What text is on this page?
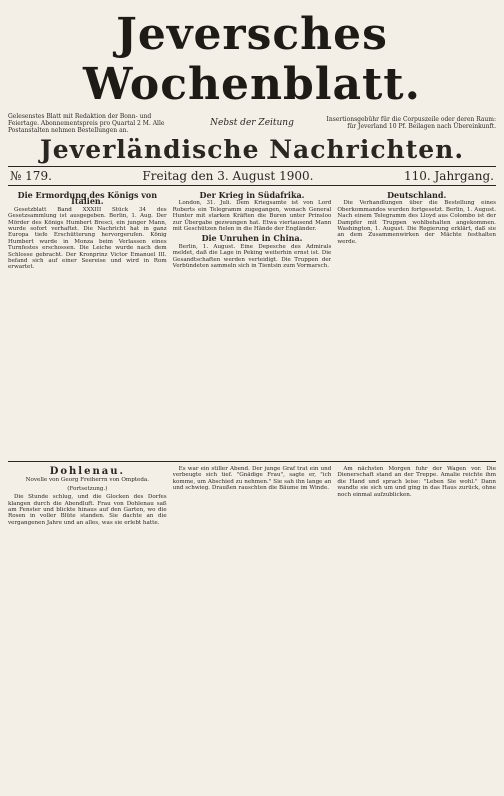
Jeversches Wochenblatt.
Gelesenstes Blatt mit Redaktion der Bonn- und Feiertage. Abonnementspreis pro Quartal 2 M. Alle Postanstalten nehmen Bestellungen an.
Nebst der Zeitung	Insertionsgebühr für die Corpuszeile oder deren Raum: für Jeverland 10 Pf. Beilagen nach Übereinkunft.
Jeverländische Nachrichten.
№ 179.	Freitag den 3. August 1900.	110. Jahrgang.
Die Ermordung des Königs von Italien.

Gesetzblatt Band XXXIII Stück 34 des Gesetzsammlung ist ausgegeben. Berlin, 1. Aug. Der Mörder des Königs Humbert Bresci, ein junger Mann, wurde sofort verhaftet. Die Nachricht hat in ganz Europa tiefe Erschütterung hervorgerufen. König Humbert wurde in Monza beim Verlassen eines Turnfestes erschossen. Die Leiche wurde nach dem Schlosse gebracht. Der Kronprinz Victor Emanuel III. befand sich auf einer Seereise und wird in Rom erwartet.

Der Krieg in Südafrika.

London, 31. Juli. Dem Kriegsamte ist von Lord Roberts ein Telegramm zugegangen, wonach General Hunter mit starken Kräften die Buren unter Prinsloo zur Übergabe gezwungen hat. Etwa viertausend Mann mit Geschützen fielen in die Hände der Engländer.

Die Unruhen in China.

Berlin, 1. August. Eine Depesche des Admirals meldet, daß die Lage in Peking weiterhin ernst ist. Die Gesandtschaften werden verteidigt. Die Truppen der Verbündeten sammeln sich in Tientsin zum Vormarsch.

Deutschland.

Die Verhandlungen über die Bestellung eines Oberkommandos wurden fortgesetzt. Berlin, 1. August. Nach einem Telegramm des Lloyd aus Colombo ist der Dampfer mit Truppen wohlbehalten angekommen. Washington, 1. August. Die Regierung erklärt, daß sie an dem Zusammenwirken der Mächte festhalten werde.

Dohlenau.
Novelle von Georg Freiherrn von Ompteda.
(Fortsetzung.)

Die Stunde schlug, und die Glocken des Dorfes klangen durch die Abendluft. Frau von Dohlenau saß am Fenster und blickte hinaus auf den Garten, wo die Rosen in voller Blüte standen. Sie dachte an die vergangenen Jahre und an alles, was sie erlebt hatte.

Es war ein stiller Abend. Der junge Graf trat ein und verbeugte sich tief. "Gnädige Frau", sagte er, "ich komme, um Abschied zu nehmen." Sie sah ihn lange an und schwieg. Draußen rauschten die Bäume im Winde.

Am nächsten Morgen fuhr der Wagen vor. Die Dienerschaft stand an der Treppe. Amalie reichte ihm die Hand und sprach leise: "Leben Sie wohl." Dann wandte sie sich um und ging in das Haus zurück, ohne noch einmal aufzublicken.
